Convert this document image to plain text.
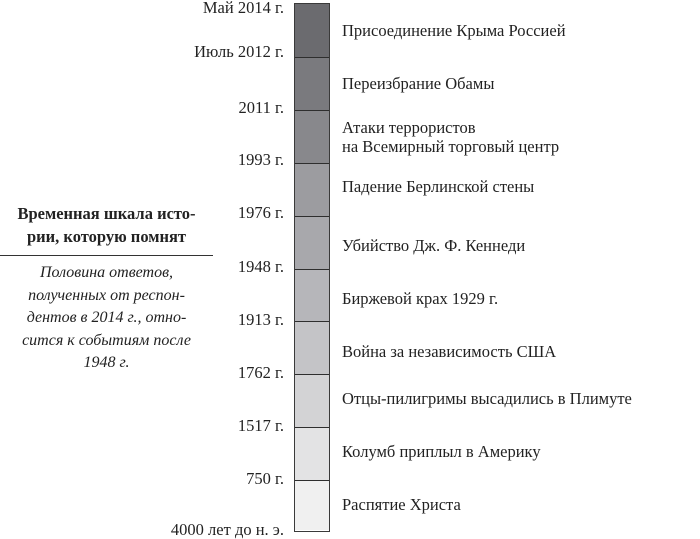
Май 2014 г.
Июль 2012 г.
2011 г.
1993 г.
1976 г.
1948 г.
1913 г.
1762 г.
1517 г.
750 г.
4000 лет до н. э.
Присоединение Крыма Россией
Переизбрание Обамы
Атаки террористов
на Всемирный торговый центр
Падение Берлинской стены
Убийство Дж. Ф. Кеннеди
Биржевой крах 1929 г.
Война за независимость США
Отцы-пилигримы высадились в Плимуте
Колумб приплыл в Америку
Распятие Христа
Временная шкала исто-
рии, которую помнят
Половина ответов,
полученных от респон-
дентов в 2014 г., отно-
сится к событиям после
1948 г.
